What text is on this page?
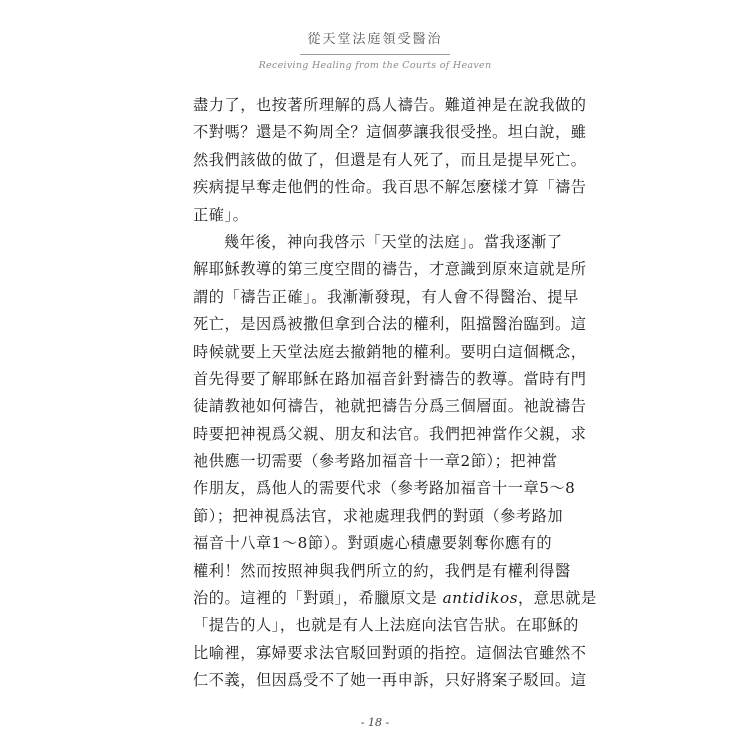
從天堂法庭領受醫治
Receiving Healing from the Courts of Heaven
盡力了，也按著所理解的爲人禱告。難道神是在說我做的
不對嗎？還是不夠周全？這個夢讓我很受挫。坦白說，雖
然我們該做的做了，但還是有人死了，而且是提早死亡。
疾病提早奪走他們的性命。我百思不解怎麼樣才算「禱告
正確」。
幾年後，神向我啓示「天堂的法庭」。當我逐漸了
解耶穌教導的第三度空間的禱告，才意識到原來這就是所
謂的「禱告正確」。我漸漸發現，有人會不得醫治、提早
死亡，是因爲被撒但拿到合法的權利，阻擋醫治臨到。這
時候就要上天堂法庭去撤銷牠的權利。要明白這個概念，
首先得要了解耶穌在路加福音針對禱告的教導。當時有門
徒請教祂如何禱告，祂就把禱告分爲三個層面。祂說禱告
時要把神視爲父親、朋友和法官。我們把神當作父親，求
祂供應一切需要（參考路加福音十一章2節）；把神當
作朋友，爲他人的需要代求（參考路加福音十一章5～8
節）；把神視爲法官，求祂處理我們的對頭（參考路加
福音十八章1～8節）。對頭處心積慮要剝奪你應有的
權利！然而按照神與我們所立的約，我們是有權利得醫
治的。這裡的「對頭」，希臘原文是 antidikos，意思就是
「提告的人」，也就是有人上法庭向法官告狀。在耶穌的
比喻裡，寡婦要求法官駁回對頭的指控。這個法官雖然不
仁不義，但因爲受不了她一再申訴，只好將案子駁回。這
- 18 -
